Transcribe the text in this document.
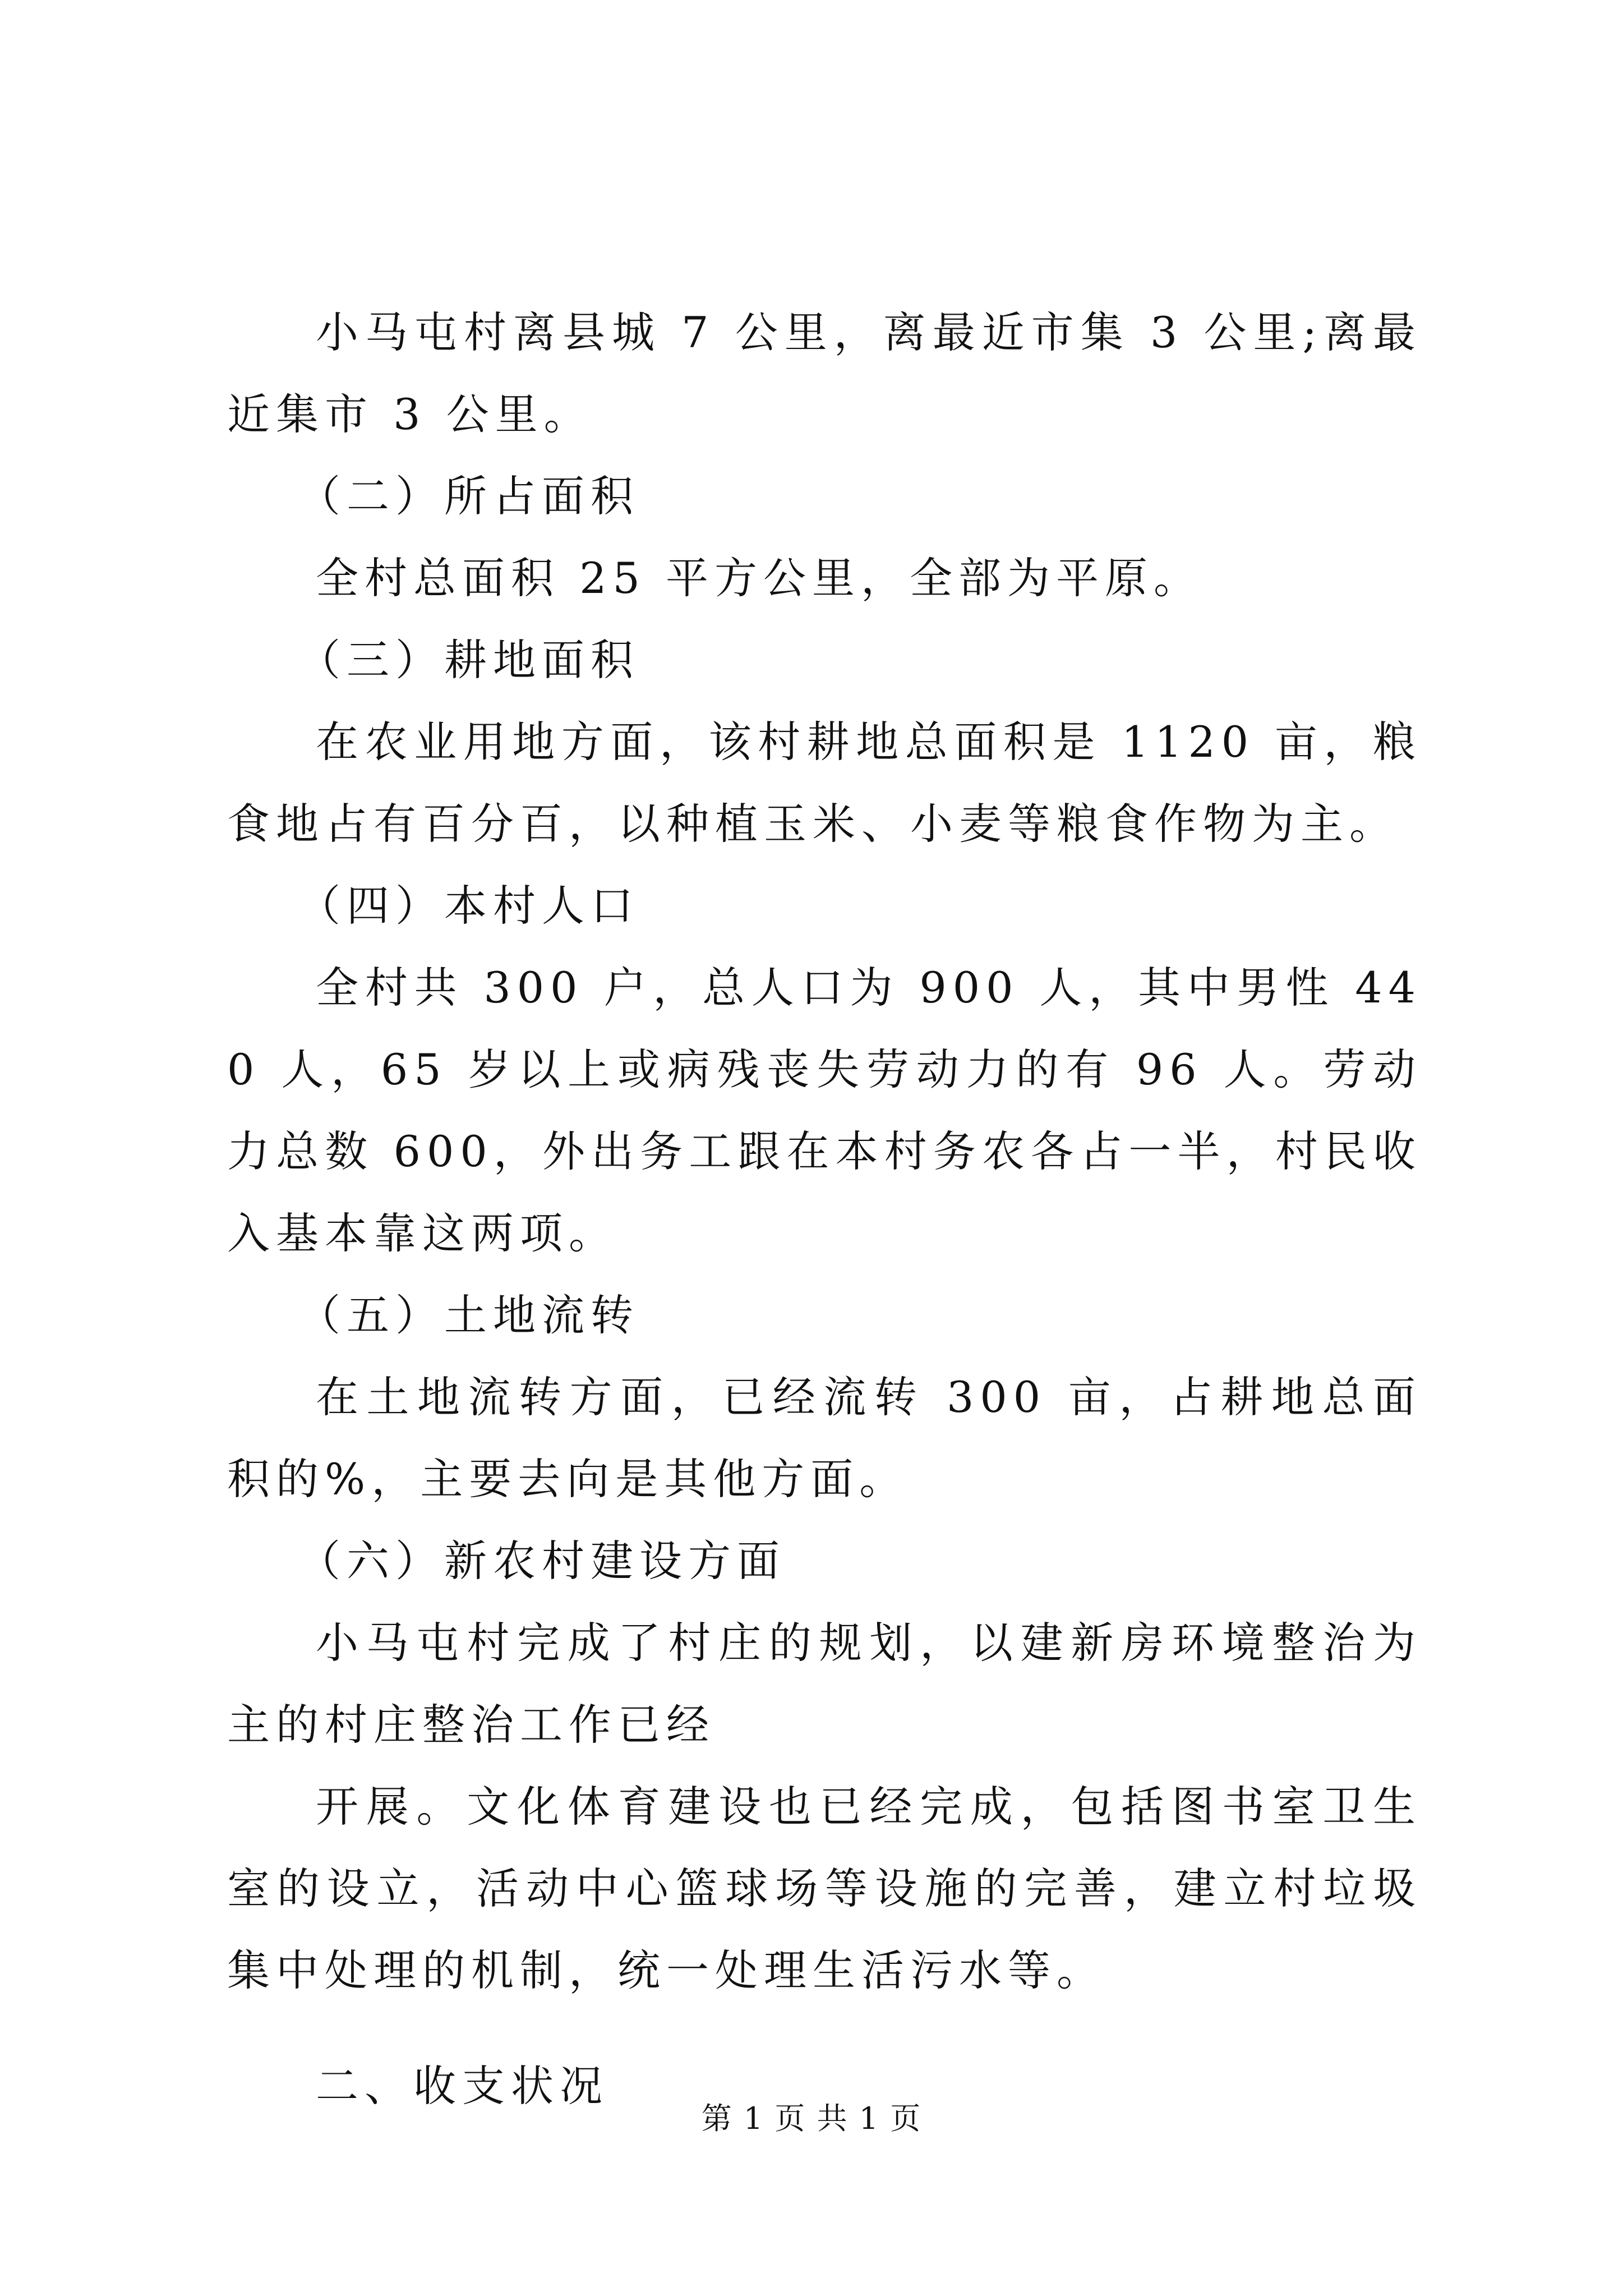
小马屯村离县城 7 公里，离最近市集 3 公里;离最近集市 3 公里。

（二）所占面积

全村总面积 25 平方公里，全部为平原。

（三）耕地面积

在农业用地方面，该村耕地总面积是 1120 亩，粮食地占有百分百，以种植玉米、小麦等粮食作物为主。

（四）本村人口

全村共 300 户，总人口为 900 人，其中男性 440 人，65 岁以上或病残丧失劳动力的有 96 人。劳动力总数 600，外出务工跟在本村务农各占一半，村民收入基本靠这两项。

（五）土地流转

在土地流转方面，已经流转 300 亩，占耕地总面积的%，主要去向是其他方面。

（六）新农村建设方面

小马屯村完成了村庄的规划，以建新房环境整治为主的村庄整治工作已经

开展。文化体育建设也已经完成，包括图书室卫生室的设立，活动中心篮球场等设施的完善，建立村垃圾集中处理的机制，统一处理生活污水等。

二、收支状况

第 1 页 共 1 页
